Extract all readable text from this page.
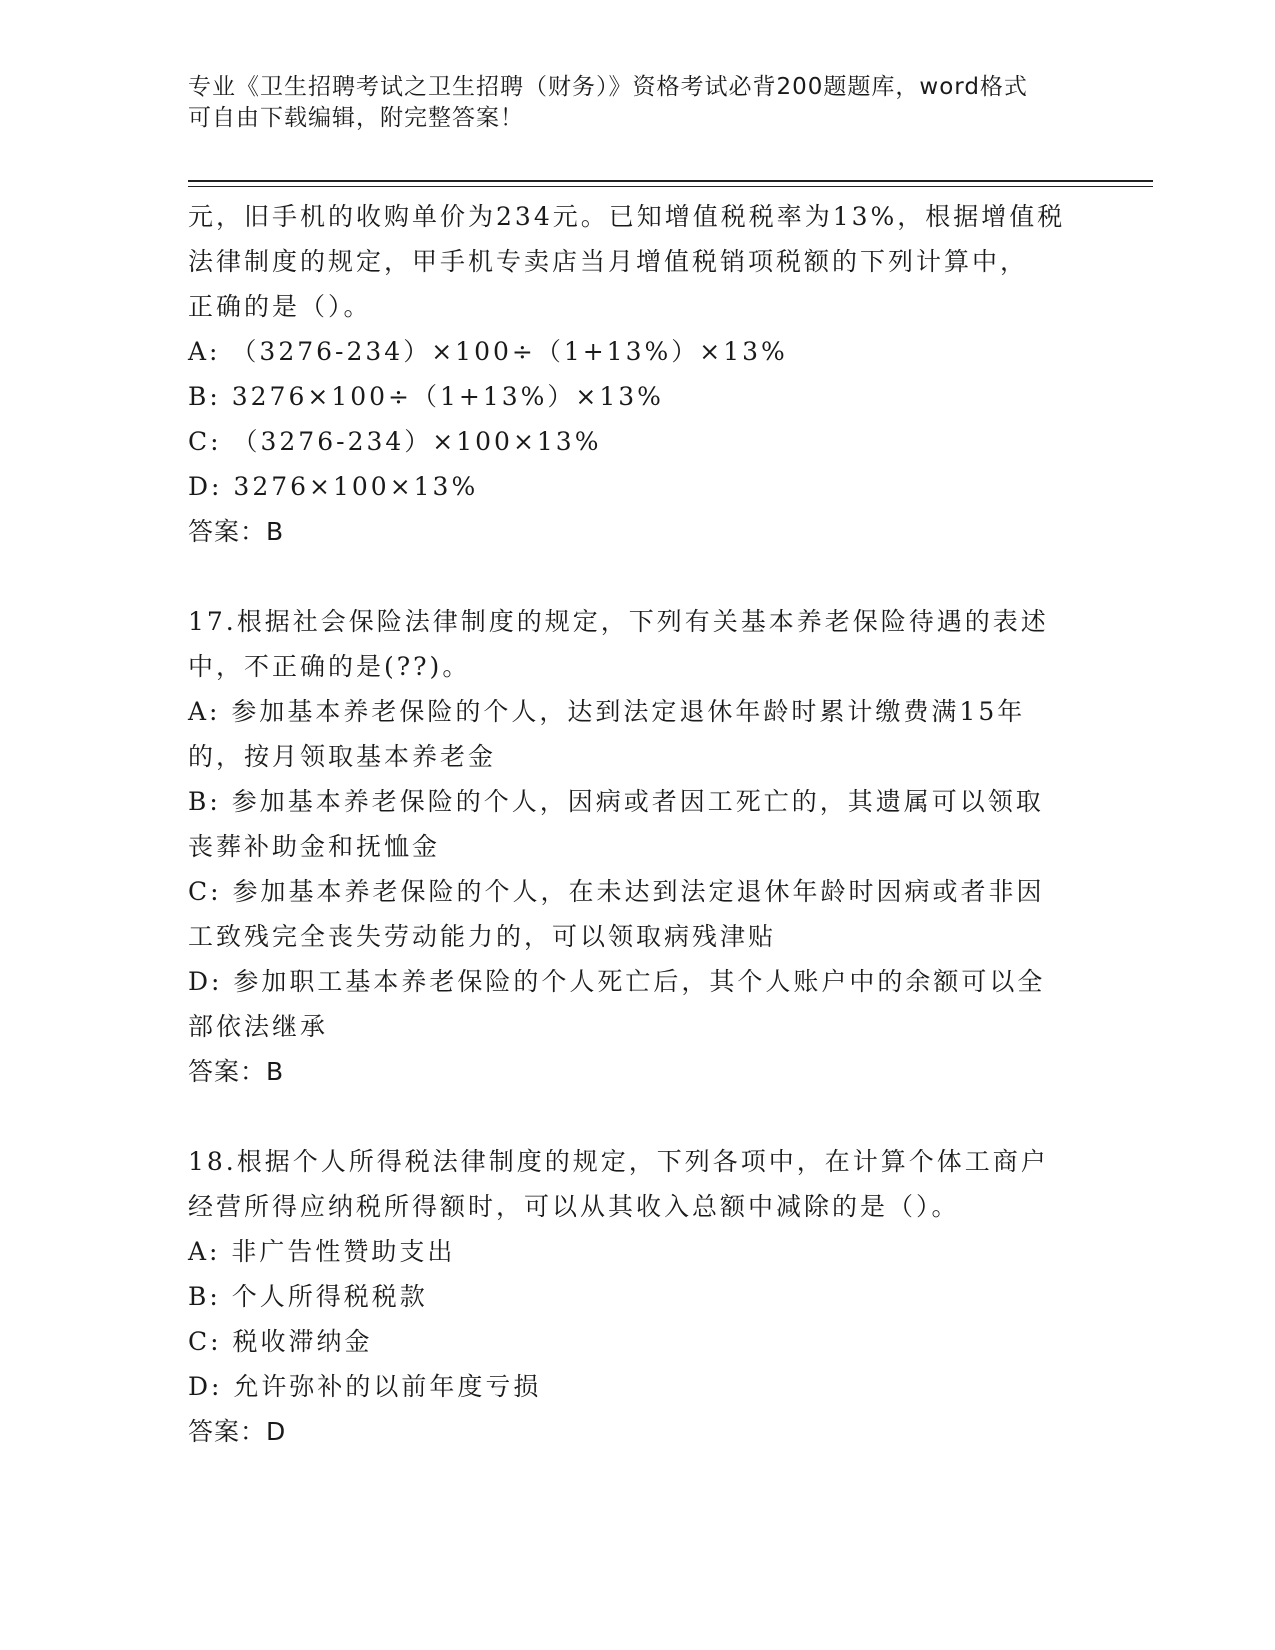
专业《卫生招聘考试之卫生招聘（财务）》资格考试必背200题题库，word格式
可自由下载编辑，附完整答案！
元，旧手机的收购单价为234元。已知增值税税率为13%，根据增值税
法律制度的规定，甲手机专卖店当月增值税销项税额的下列计算中，
正确的是（）。
A: （3276-234）×100÷（1+13%）×13%
B: 3276×100÷（1+13%）×13%
C: （3276-234）×100×13%
D: 3276×100×13%
答案：B
17.根据社会保险法律制度的规定，下列有关基本养老保险待遇的表述
中，不正确的是(??)。
A: 参加基本养老保险的个人，达到法定退休年龄时累计缴费满15年
的，按月领取基本养老金
B: 参加基本养老保险的个人，因病或者因工死亡的，其遗属可以领取
丧葬补助金和抚恤金
C: 参加基本养老保险的个人，在未达到法定退休年龄时因病或者非因
工致残完全丧失劳动能力的，可以领取病残津贴
D: 参加职工基本养老保险的个人死亡后，其个人账户中的余额可以全
部依法继承
答案：B
18.根据个人所得税法律制度的规定，下列各项中，在计算个体工商户
经营所得应纳税所得额时，可以从其收入总额中减除的是（）。
A: 非广告性赞助支出
B: 个人所得税税款
C: 税收滞纳金
D: 允许弥补的以前年度亏损
答案：D
